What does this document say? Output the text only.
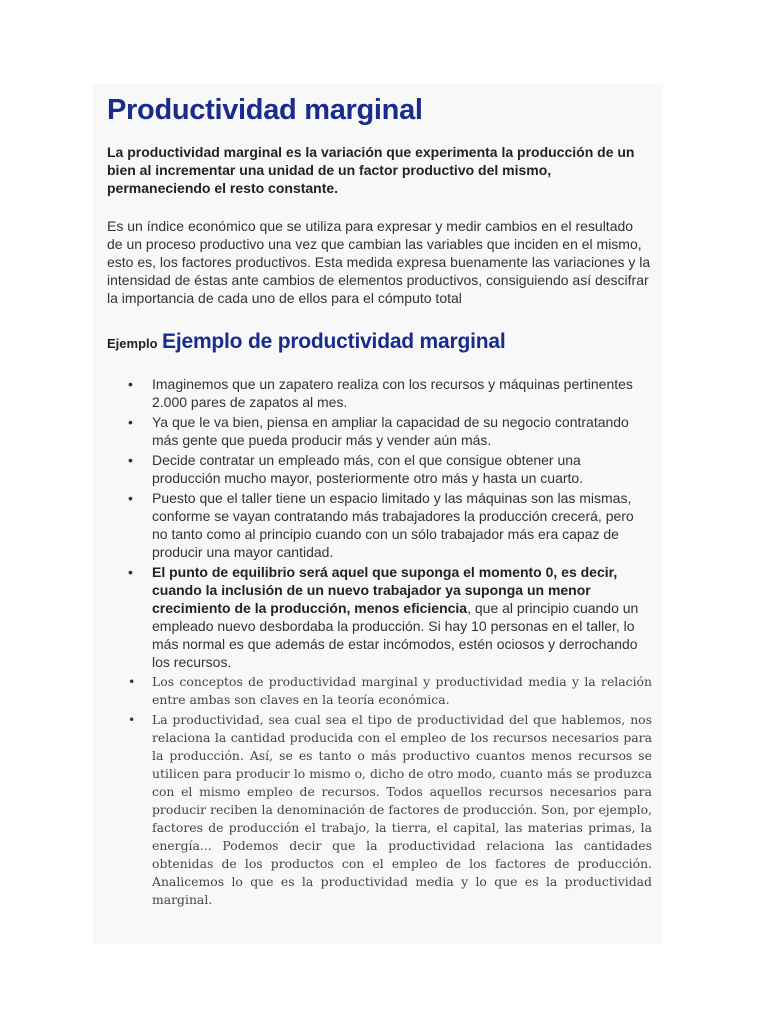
Productividad marginal

La productividad marginal es la variación que experimenta la producción de un bien al incrementar una unidad de un factor productivo del mismo, permaneciendo el resto constante.

Es un índice económico que se utiliza para expresar y medir cambios en el resultado de un proceso productivo una vez que cambian las variables que inciden en el mismo, esto es, los factores productivos. Esta medida expresa buenamente las variaciones y la intensidad de éstas ante cambios de elementos productivos, consiguiendo así descifrar la importancia de cada uno de ellos para el cómputo total

Ejemplo Ejemplo de productividad marginal
• Imaginemos que un zapatero realiza con los recursos y máquinas pertinentes 2.000 pares de zapatos al mes.
• Ya que le va bien, piensa en ampliar la capacidad de su negocio contratando más gente que pueda producir más y vender aún más.
• Decide contratar un empleado más, con el que consigue obtener una producción mucho mayor, posteriormente otro más y hasta un cuarto.
• Puesto que el taller tiene un espacio limitado y las máquinas son las mismas, conforme se vayan contratando más trabajadores la producción crecerá, pero no tanto como al principio cuando con un sólo trabajador más era capaz de producir una mayor cantidad.
• El punto de equilibrio será aquel que suponga el momento 0, es decir, cuando la inclusión de un nuevo trabajador ya suponga un menor crecimiento de la producción, menos eficiencia, que al principio cuando un empleado nuevo desbordaba la producción. Si hay 10 personas en el taller, lo más normal es que además de estar incómodos, estén ociosos y derrochando los recursos.
• Los conceptos de productividad marginal y productividad media y la relación entre ambas son claves en la teoría económica.
• La productividad, sea cual sea el tipo de productividad del que hablemos, nos relaciona la cantidad producida con el empleo de los recursos necesarios para la producción. Así, se es tanto o más productivo cuantos menos recursos se utilicen para producir lo mismo o, dicho de otro modo, cuanto más se produzca con el mismo empleo de recursos. Todos aquellos recursos necesarios para producir reciben la denominación de factores de producción. Son, por ejemplo, factores de producción el trabajo, la tierra, el capital, las materias primas, la energía... Podemos decir que la productividad relaciona las cantidades obtenidas de los productos con el empleo de los factores de producción. Analicemos lo que es la productividad media y lo que es la productividad marginal.
